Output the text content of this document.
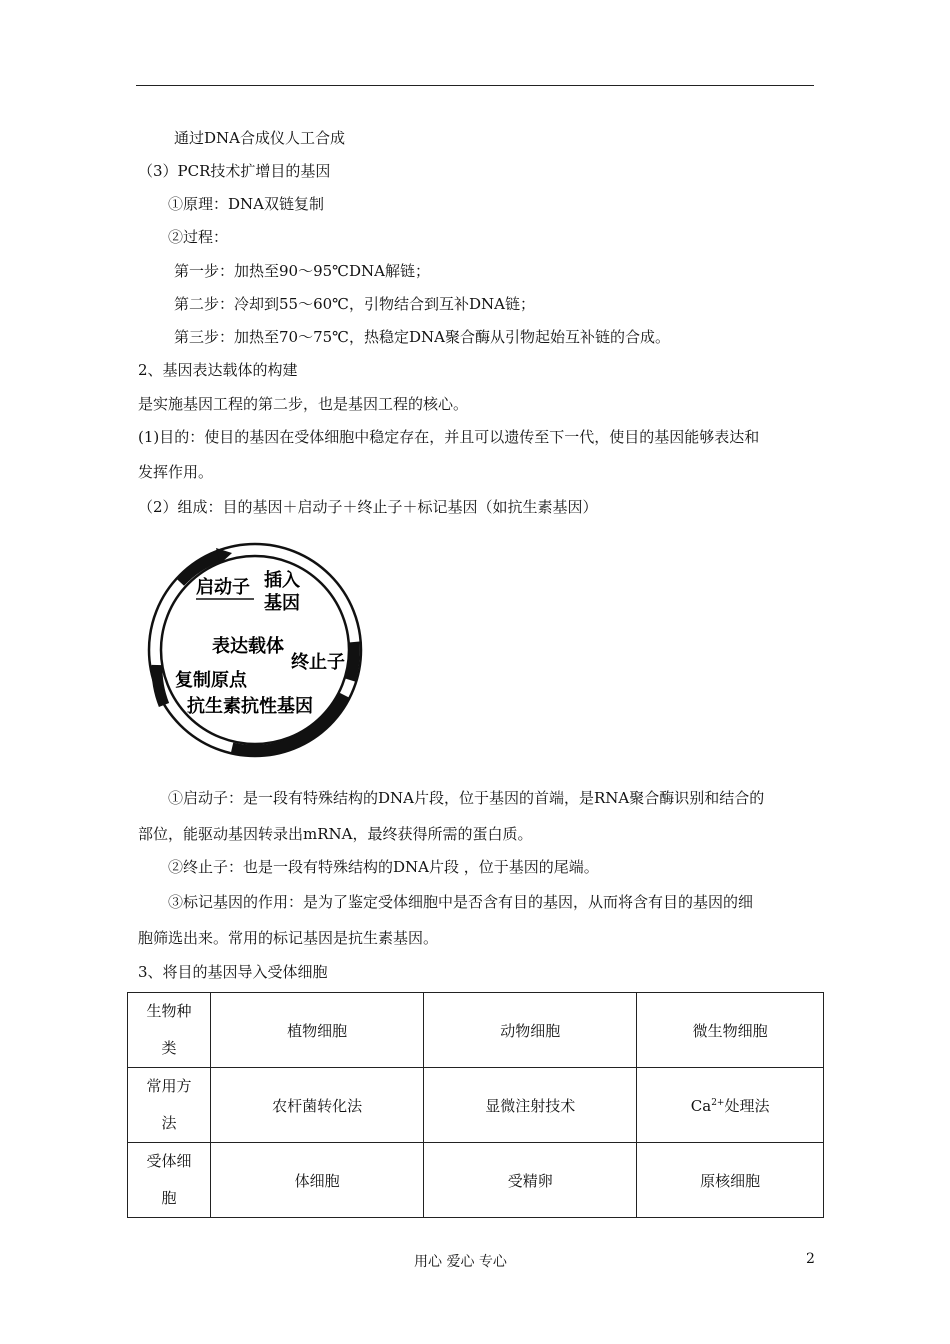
通过DNA合成仪人工合成
（3）PCR技术扩增目的基因
①原理：DNA双链复制
②过程：
第一步：加热至90～95℃DNA解链；
第二步：冷却到55～60℃，引物结合到互补DNA链；
第三步：加热至70～75℃，热稳定DNA聚合酶从引物起始互补链的合成。
2、基因表达载体的构建
是实施基因工程的第二步，也是基因工程的核心。
(1)目的：使目的基因在受体细胞中稳定存在，并且可以遗传至下一代，使目的基因能够表达和
发挥作用。
（2）组成：目的基因＋启动子＋终止子＋标记基因（如抗生素基因）
启动子 插入
基因
表达载体
终止子
复制原点
抗生素抗性基因
①启动子：是一段有特殊结构的DNA片段，位于基因的首端，是RNA聚合酶识别和结合的
部位，能驱动基因转录出mRNA，最终获得所需的蛋白质。
②终止子：也是一段有特殊结构的DNA片段 ，位于基因的尾端。
③标记基因的作用：是为了鉴定受体细胞中是否含有目的基因，从而将含有目的基因的细
胞筛选出来。常用的标记基因是抗生素基因。
3、将目的基因导入受体细胞
生物种
类	植物细胞	动物细胞	微生物细胞
常用方
法	农杆菌转化法	显微注射技术	$Ca^{2+}$处理法
受体细
胞	体细胞	受精卵	原核细胞
用心 爱心 专心	2
